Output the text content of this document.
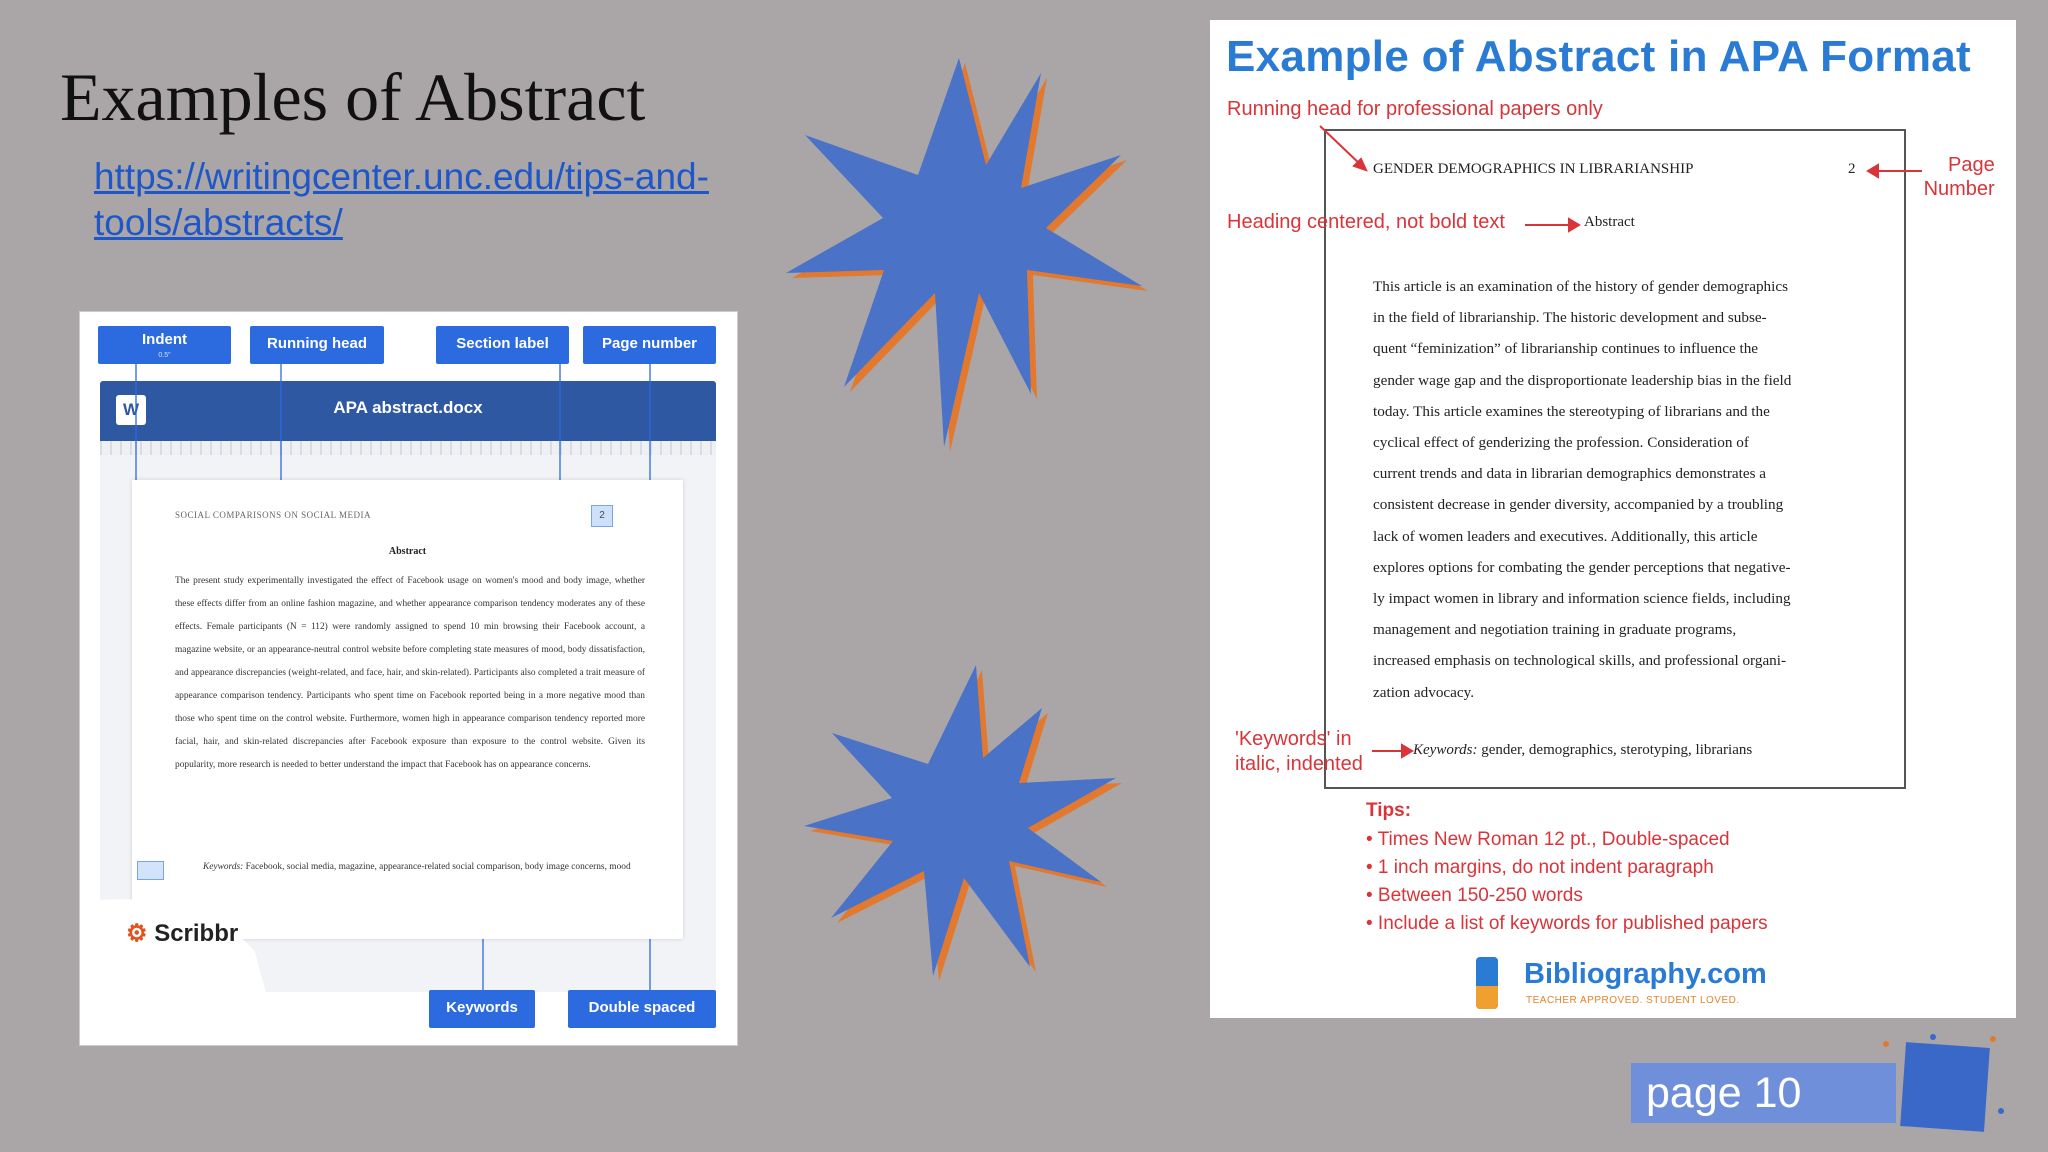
Examples of Abstract
https://writingcenter.unc.edu/tips-and-tools/abstracts/
Indent
0.5"
Running head	Section label	Page number
W	APA abstract.docx
SOCIAL COMPARISONS ON SOCIAL MEDIA	2
Abstract
The present study experimentally investigated the effect of Facebook usage on women's mood and body image, whether these effects differ from an online fashion magazine, and whether appearance comparison tendency moderates any of these effects. Female participants (N = 112) were randomly assigned to spend 10 min browsing their Facebook account, a magazine website, or an appearance-neutral control website before completing state measures of mood, body dissatisfaction, and appearance discrepancies (weight-related, and face, hair, and skin-related). Participants also completed a trait measure of appearance comparison tendency. Participants who spent time on Facebook reported being in a more negative mood than those who spent time on the control website. Furthermore, women high in appearance comparison tendency reported more facial, hair, and skin-related discrepancies after Facebook exposure than exposure to the control website. Given its popularity, more research is needed to better understand the impact that Facebook has on appearance concerns.
Keywords: Facebook, social media, magazine, appearance-related social comparison, body image concerns, mood
⚙ Scribbr
Keywords	Double spaced
Example of Abstract in APA Format
Running head for professional papers only
GENDER DEMOGRAPHICS IN LIBRARIANSHIP	2	Page
Number
Heading centered, not bold text	Abstract
This article is an examination of the history of gender demographics
in the field of librarianship. The historic development and subse-
quent “feminization” of librarianship continues to influence the
gender wage gap and the disproportionate leadership bias in the field
today. This article examines the stereotyping of librarians and the
cyclical effect of genderizing the profession. Consideration of
current trends and data in librarian demographics demonstrates a
consistent decrease in gender diversity, accompanied by a troubling
lack of women leaders and executives. Additionally, this article
explores options for combating the gender perceptions that negative-
ly impact women in library and information science fields, including
management and negotiation training in graduate programs,
increased emphasis on technological skills, and professional organi-
zation advocacy.
'Keywords' in
italic, indented
Keywords: gender, demographics, sterotyping, librarians
Tips:
• Times New Roman 12 pt., Double-spaced
• 1 inch margins, do not indent paragraph
• Between 150-250 words
• Include a list of keywords for published papers
Bibliography.com
TEACHER APPROVED. STUDENT LOVED.
page 10
